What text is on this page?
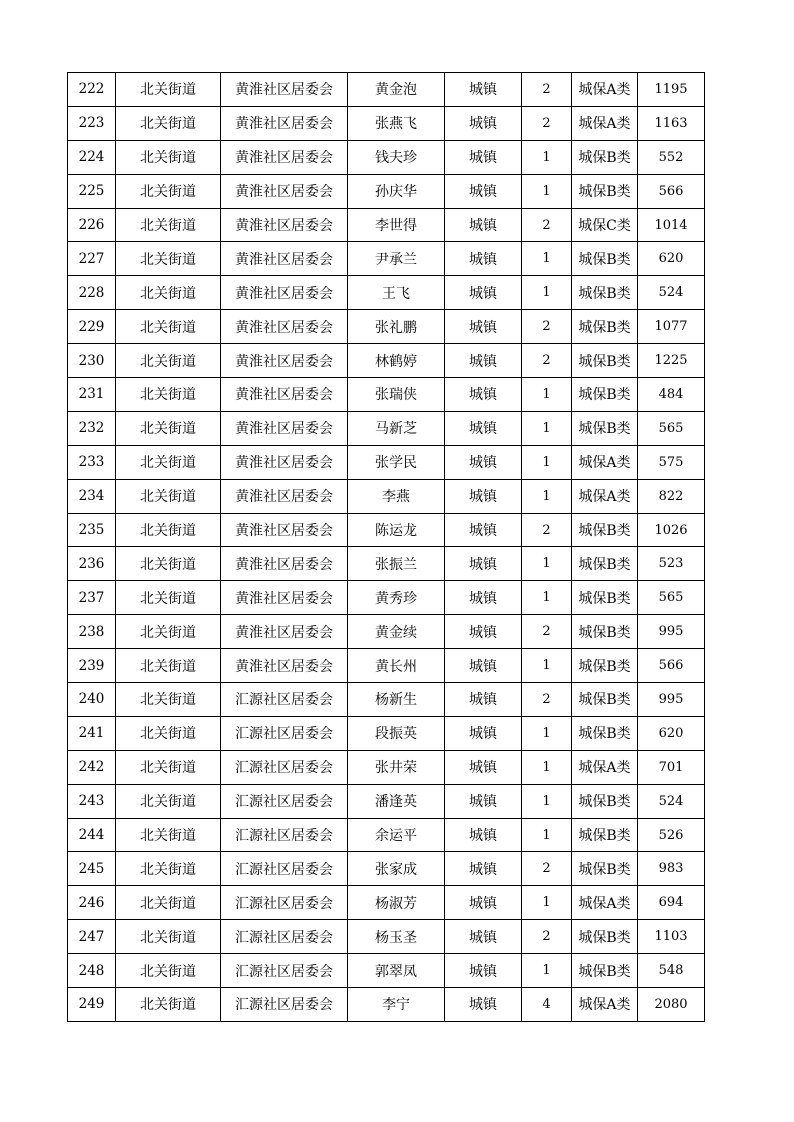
222	北关街道	黄淮社区居委会	黄金泡	城镇	2	城保A类	1195
223	北关街道	黄淮社区居委会	张燕飞	城镇	2	城保A类	1163
224	北关街道	黄淮社区居委会	钱夫珍	城镇	1	城保B类	552
225	北关街道	黄淮社区居委会	孙庆华	城镇	1	城保B类	566
226	北关街道	黄淮社区居委会	李世得	城镇	2	城保C类	1014
227	北关街道	黄淮社区居委会	尹承兰	城镇	1	城保B类	620
228	北关街道	黄淮社区居委会	王飞	城镇	1	城保B类	524
229	北关街道	黄淮社区居委会	张礼鹏	城镇	2	城保B类	1077
230	北关街道	黄淮社区居委会	林鹤婷	城镇	2	城保B类	1225
231	北关街道	黄淮社区居委会	张瑞侠	城镇	1	城保B类	484
232	北关街道	黄淮社区居委会	马新芝	城镇	1	城保B类	565
233	北关街道	黄淮社区居委会	张学民	城镇	1	城保A类	575
234	北关街道	黄淮社区居委会	李燕	城镇	1	城保A类	822
235	北关街道	黄淮社区居委会	陈运龙	城镇	2	城保B类	1026
236	北关街道	黄淮社区居委会	张振兰	城镇	1	城保B类	523
237	北关街道	黄淮社区居委会	黄秀珍	城镇	1	城保B类	565
238	北关街道	黄淮社区居委会	黄金续	城镇	2	城保B类	995
239	北关街道	黄淮社区居委会	黄长州	城镇	1	城保B类	566
240	北关街道	汇源社区居委会	杨新生	城镇	2	城保B类	995
241	北关街道	汇源社区居委会	段振英	城镇	1	城保B类	620
242	北关街道	汇源社区居委会	张井荣	城镇	1	城保A类	701
243	北关街道	汇源社区居委会	潘逢英	城镇	1	城保B类	524
244	北关街道	汇源社区居委会	余运平	城镇	1	城保B类	526
245	北关街道	汇源社区居委会	张家成	城镇	2	城保B类	983
246	北关街道	汇源社区居委会	杨淑芳	城镇	1	城保A类	694
247	北关街道	汇源社区居委会	杨玉圣	城镇	2	城保B类	1103
248	北关街道	汇源社区居委会	郭翠凤	城镇	1	城保B类	548
249	北关街道	汇源社区居委会	李宁	城镇	4	城保A类	2080
